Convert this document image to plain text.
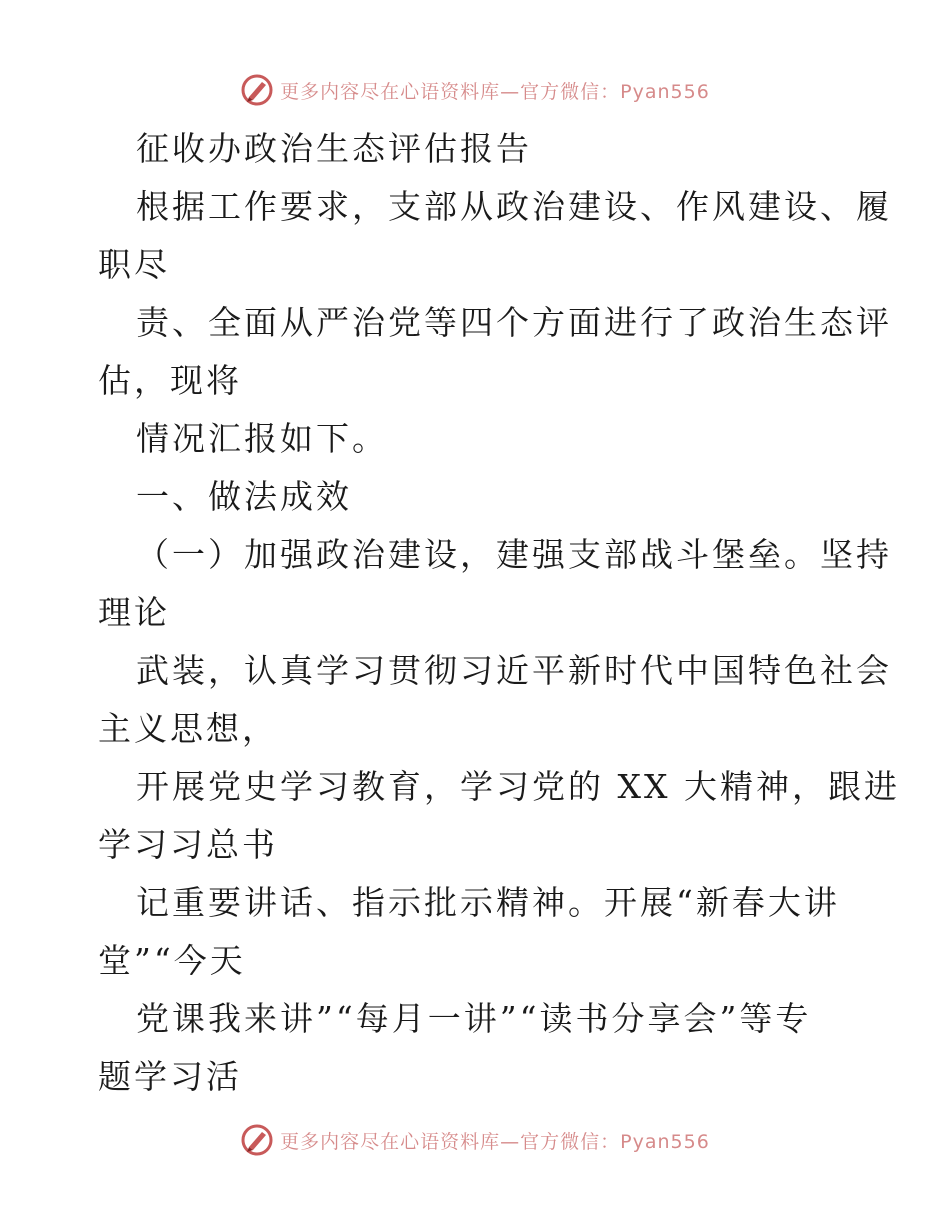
更多内容尽在心语资料库—官方微信：Pyan556
征收办政治生态评估报告
根据工作要求，支部从政治建设、作风建设、履
职尽
责、全面从严治党等四个方面进行了政治生态评
估，现将
情况汇报如下。
一、做法成效
（一）加强政治建设，建强支部战斗堡垒。坚持
理论
武装，认真学习贯彻习近平新时代中国特色社会
主义思想，
开展党史学习教育，学习党的 XX 大精神，跟进
学习习总书
记重要讲话、指示批示精神。开展“新春大讲
堂”“今天
党课我来讲”“每月一讲”“读书分享会”等专
题学习活
更多内容尽在心语资料库—官方微信：Pyan556
